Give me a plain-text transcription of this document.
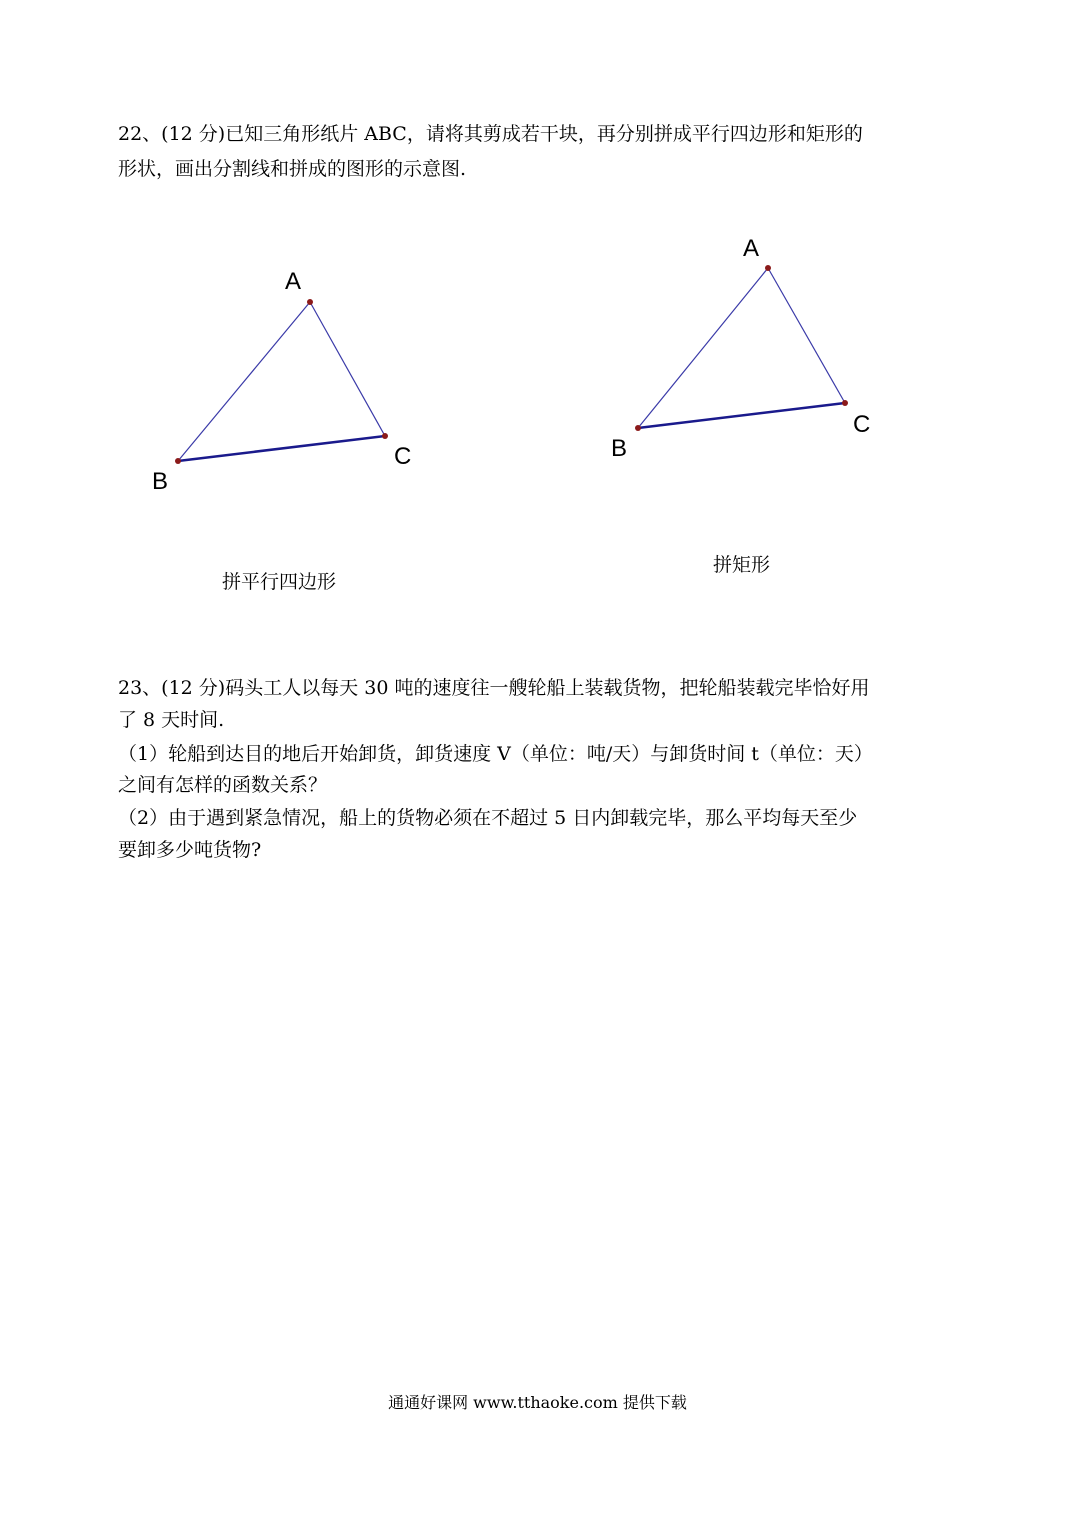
22、(12 分)已知三角形纸片 ABC，请将其剪成若干块，再分别拼成平行四边形和矩形的
形状，画出分割线和拼成的图形的示意图.
A
B
C
A
B
C
拼平行四边形
拼矩形
23、(12 分)码头工人以每天 30 吨的速度往一艘轮船上装载货物，把轮船装载完毕恰好用
了 8 天时间.
（1）轮船到达目的地后开始卸货，卸货速度 V（单位：吨/天）与卸货时间 t（单位：天）
之间有怎样的函数关系？
（2）由于遇到紧急情况，船上的货物必须在不超过 5 日内卸载完毕，那么平均每天至少
要卸多少吨货物?
通通好课网 www.tthaoke.com 提供下载
